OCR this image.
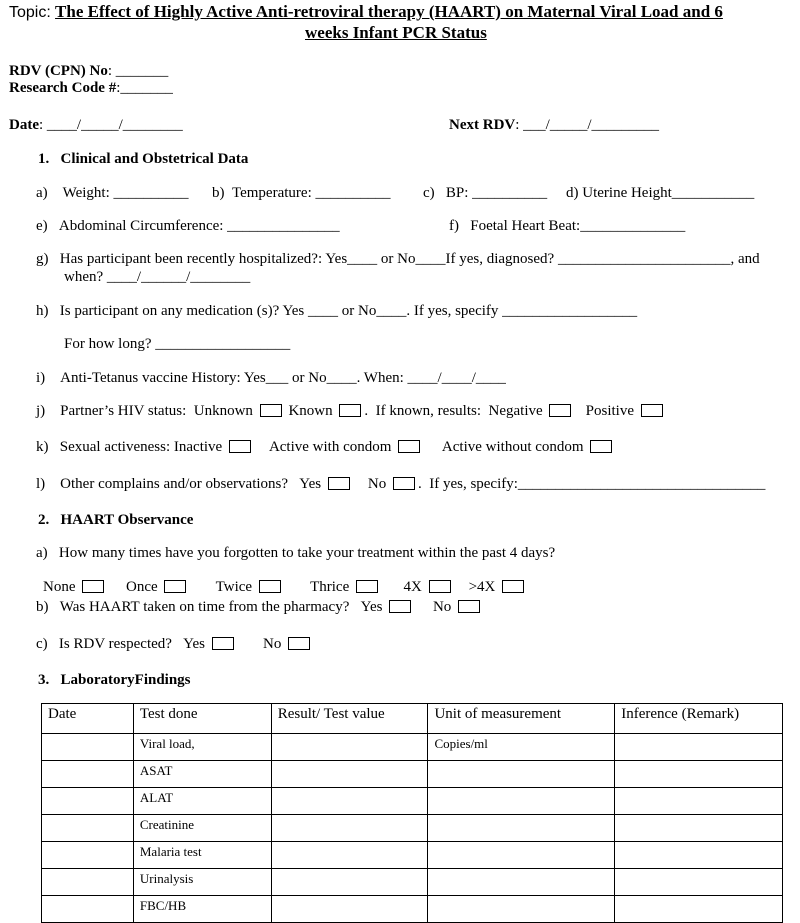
Topic: The Effect of Highly Active Anti-retroviral therapy (HAART) on Maternal Viral Load and 6
weeks Infant PCR Status
RDV (CPN) No: _______
Research Code #:_______
Date: ____/_____/________	Next RDV: ___/_____/_________
1.   Clinical and Obstetrical Data
a)    Weight: __________ b)  Temperature: __________ c)   BP: __________ d) Uterine Height___________
e)   Abdominal Circumference: _______________	f)   Foetal Heart Beat:______________
g)   Has participant been recently hospitalized?: Yes____ or No____If yes, diagnosed? _______________________, and
when? ____/______/________
h)   Is participant on any medication (s)? Yes ____ or No____. If yes, specify __________________
For how long? __________________
i)    Anti-Tetanus vaccine History: Yes___ or No____. When: ____/____/____
j)    Partner’s HIV status:  Unknown Known .  If known, results:  Negative	Positive
k)   Sexual activeness: Inactive	Active with condom	Active without condom
l)    Other complains and/or observations?   Yes	No .  If yes, specify:_________________________________
2.   HAART Observance
a)   How many times have you forgotten to take your treatment within the past 4 days?
None	Once	Twice	Thrice	4X	>4X
b)   Was HAART taken on time from the pharmacy?   Yes	No
c)   Is RDV respected?   Yes	No
3.   LaboratoryFindings
Date	Test done	Result/ Test value	Unit of measurement	Inference (Remark)
	Viral load,		Copies/ml	
	ASAT			
	ALAT			
	Creatinine			
	Malaria test			
	Urinalysis			
	FBC/HB			
